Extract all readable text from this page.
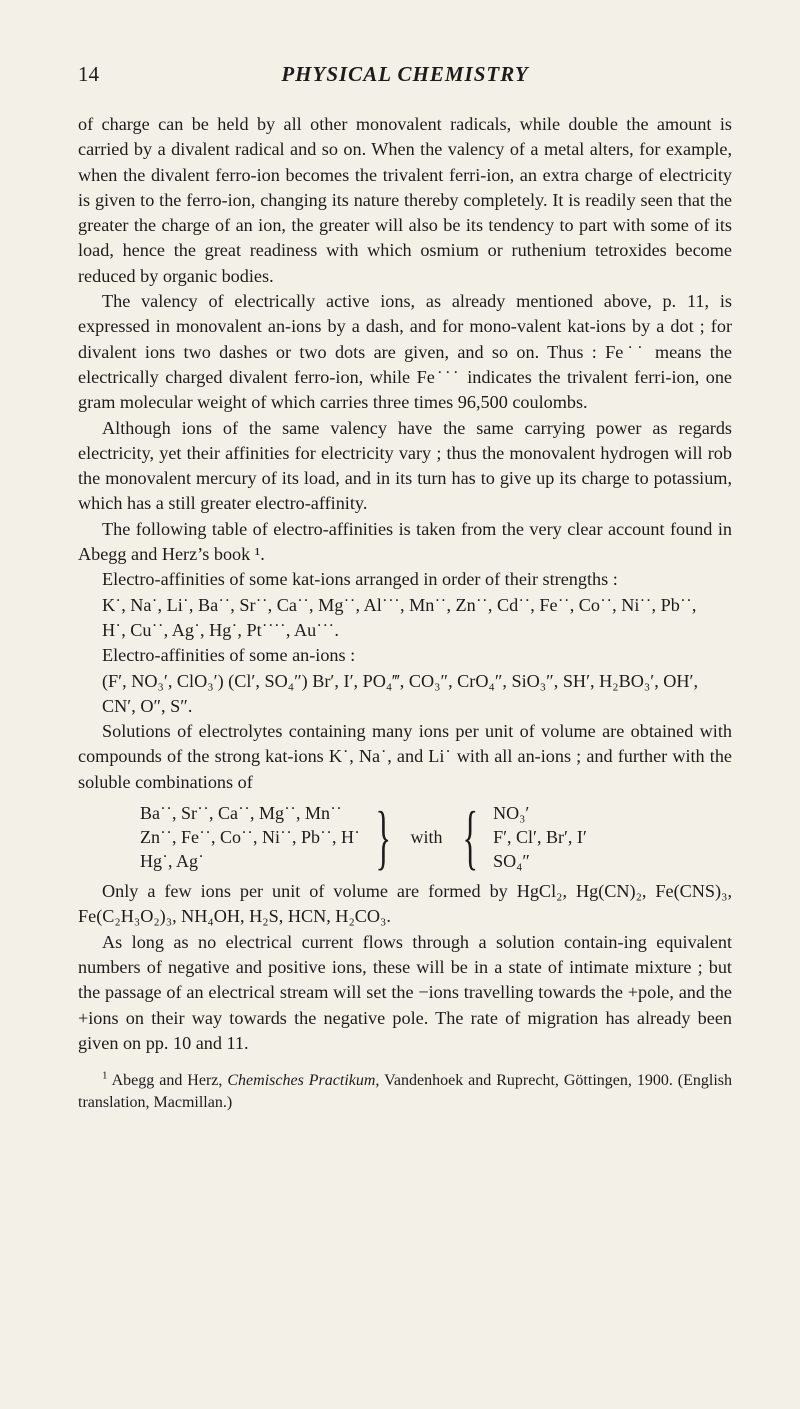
14	PHYSICAL CHEMISTRY

of charge can be held by all other monovalent radicals, while double the amount is carried by a divalent radical and so on. When the valency of a metal alters, for example, when the divalent ferro-ion becomes the trivalent ferri-ion, an extra charge of electricity is given to the ferro-ion, changing its nature thereby completely. It is readily seen that the greater the charge of an ion, the greater will also be its tendency to part with some of its load, hence the great readiness with which osmium or ruthenium tetroxides become reduced by organic bodies.

The valency of electrically active ions, as already mentioned above, p. 11, is expressed in monovalent an-ions by a dash, and for mono-valent kat-ions by a dot ; for divalent ions two dashes or two dots are given, and so on. Thus : Fe˙˙ means the electrically charged divalent ferro-ion, while Fe˙˙˙ indicates the trivalent ferri-ion, one gram molecular weight of which carries three times 96,500 coulombs.

Although ions of the same valency have the same carrying power as regards electricity, yet their affinities for electricity vary ; thus the monovalent hydrogen will rob the monovalent mercury of its load, and in its turn has to give up its charge to potassium, which has a still greater electro-affinity.

The following table of electro-affinities is taken from the very clear account found in Abegg and Herz’s book ¹.

Electro-affinities of some kat-ions arranged in order of their strengths :

K˙, Na˙, Li˙, Ba˙˙, Sr˙˙, Ca˙˙, Mg˙˙, Al˙˙˙, Mn˙˙, Zn˙˙, Cd˙˙, Fe˙˙, Co˙˙, Ni˙˙, Pb˙˙, H˙, Cu˙˙, Ag˙, Hg˙, Pt˙˙˙˙, Au˙˙˙.

Electro-affinities of some an-ions :

(F′, NO₃′, ClO₃′) (Cl′, SO₄″) Br′, I′, PO₄‴, CO₃″, CrO₄″, SiO₃″, SH′, H₂BO₃′, OH′, CN′, O″, S″.

Solutions of electrolytes containing many ions per unit of volume are obtained with compounds of the strong kat-ions K˙, Na˙, and Li˙ with all an-ions ; and further with the soluble combinations of

Ba˙˙, Sr˙˙, Ca˙˙, Mg˙˙, Mn˙˙
Zn˙˙, Fe˙˙, Co˙˙, Ni˙˙, Pb˙˙, H˙
Hg˙, Ag˙	} with { NO₃′
F′, Cl′, Br′, I′
SO₄″

Only a few ions per unit of volume are formed by HgCl₂, Hg(CN)₂, Fe(CNS)₃, Fe(C₂H₃O₂)₃, NH₄OH, H₂S, HCN, H₂CO₃.

As long as no electrical current flows through a solution contain-ing equivalent numbers of negative and positive ions, these will be in a state of intimate mixture ; but the passage of an electrical stream will set the −ions travelling towards the +pole, and the +ions on their way towards the negative pole. The rate of migration has already been given on pp. 10 and 11.

$^1$ Abegg and Herz, Chemisches Practikum, Vandenhoek and Ruprecht, Göttingen, 1900. (English translation, Macmillan.)
